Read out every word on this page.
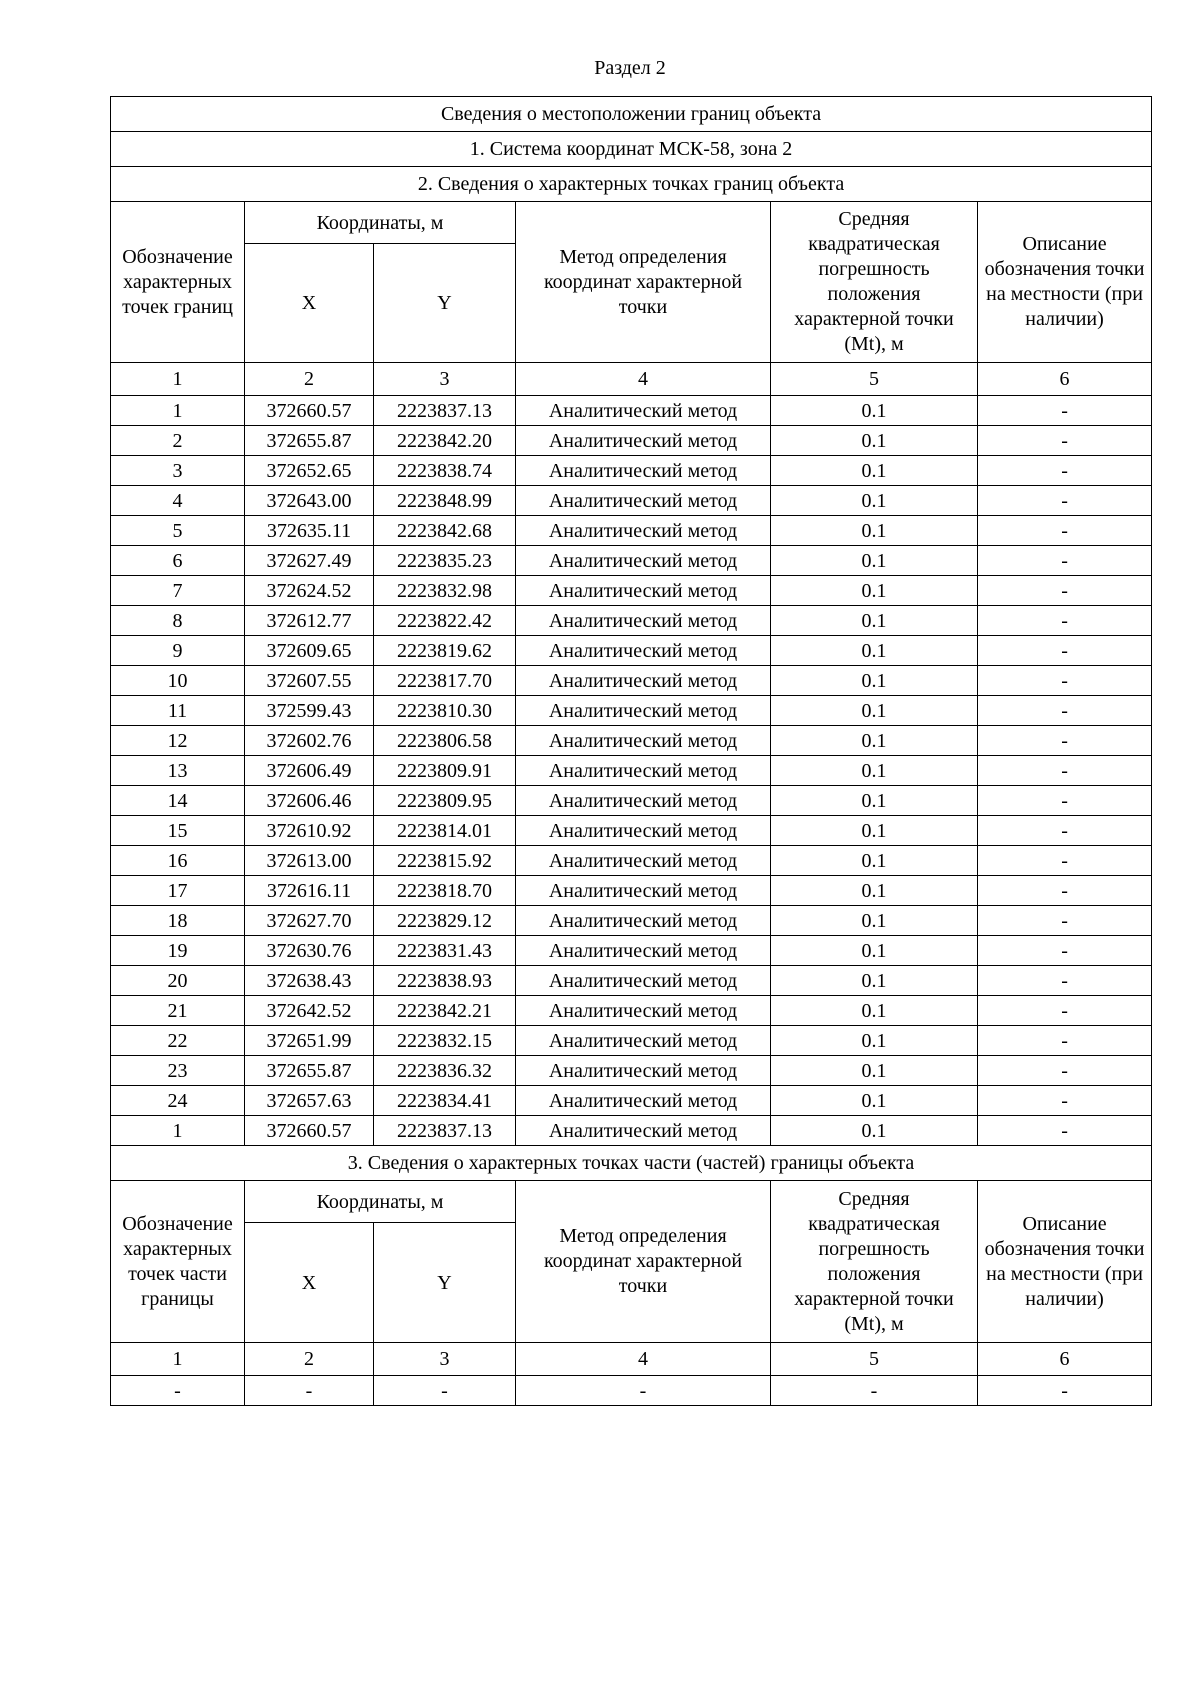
Раздел 2
Сведения о местоположении границ объекта					
1. Система координат МСК-58, зона 2					
2. Сведения о характерных точках границ объекта					
Обозначение характерных точек границ	Координаты, м		Метод определения координат характерной точки	Средняя квадратическая погрешность положения характерной точки (Mt), м	Описание обозначения точки на местности (при наличии)
	X	Y			
1	2	3	4	5	6
1	372660.57	2223837.13	Аналитический метод	0.1	-
2	372655.87	2223842.20	Аналитический метод	0.1	-
3	372652.65	2223838.74	Аналитический метод	0.1	-
4	372643.00	2223848.99	Аналитический метод	0.1	-
5	372635.11	2223842.68	Аналитический метод	0.1	-
6	372627.49	2223835.23	Аналитический метод	0.1	-
7	372624.52	2223832.98	Аналитический метод	0.1	-
8	372612.77	2223822.42	Аналитический метод	0.1	-
9	372609.65	2223819.62	Аналитический метод	0.1	-
10	372607.55	2223817.70	Аналитический метод	0.1	-
11	372599.43	2223810.30	Аналитический метод	0.1	-
12	372602.76	2223806.58	Аналитический метод	0.1	-
13	372606.49	2223809.91	Аналитический метод	0.1	-
14	372606.46	2223809.95	Аналитический метод	0.1	-
15	372610.92	2223814.01	Аналитический метод	0.1	-
16	372613.00	2223815.92	Аналитический метод	0.1	-
17	372616.11	2223818.70	Аналитический метод	0.1	-
18	372627.70	2223829.12	Аналитический метод	0.1	-
19	372630.76	2223831.43	Аналитический метод	0.1	-
20	372638.43	2223838.93	Аналитический метод	0.1	-
21	372642.52	2223842.21	Аналитический метод	0.1	-
22	372651.99	2223832.15	Аналитический метод	0.1	-
23	372655.87	2223836.32	Аналитический метод	0.1	-
24	372657.63	2223834.41	Аналитический метод	0.1	-
1	372660.57	2223837.13	Аналитический метод	0.1	-
3. Сведения о характерных точках части (частей) границы объекта					
Обозначение характерных точек части границы	Координаты, м		Метод определения координат характерной точки	Средняя квадратическая погрешность положения характерной точки (Mt), м	Описание обозначения точки на местности (при наличии)
	X	Y			
1	2	3	4	5	6
-	-	-	-	-	-
